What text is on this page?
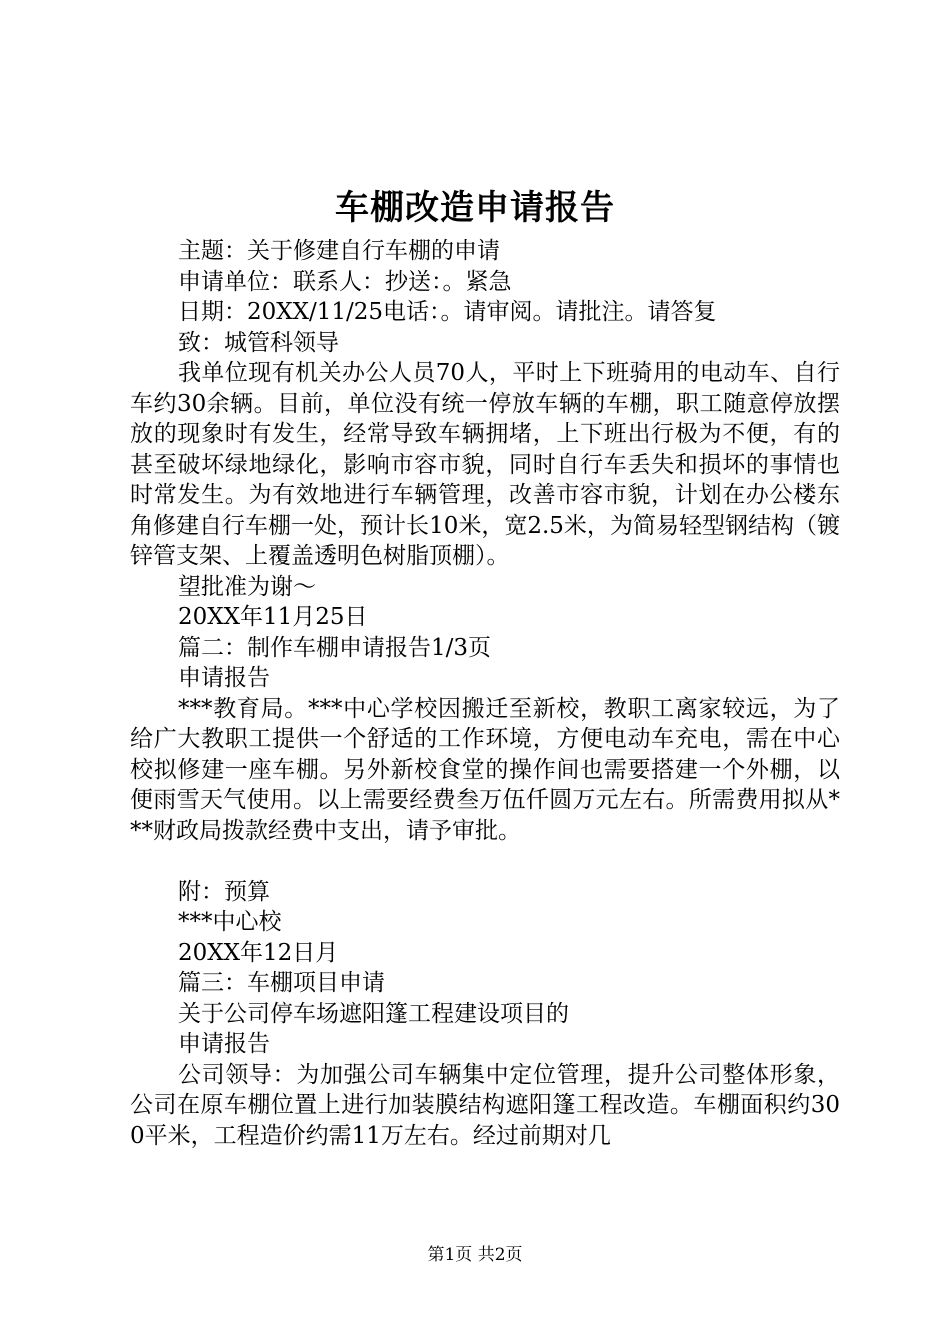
车棚改造申请报告

主题：关于修建自行车棚的申请

申请单位：联系人：抄送：。紧急

日期：20XX/11/25电话：。请审阅。请批注。请答复

致：城管科领导

我单位现有机关办公人员70人，平时上下班骑用的电动车、自行车约30余辆。目前，单位没有统一停放车辆的车棚，职工随意停放摆放的现象时有发生，经常导致车辆拥堵，上下班出行极为不便，有的甚至破坏绿地绿化，影响市容市貌，同时自行车丢失和损坏的事情也时常发生。为有效地进行车辆管理，改善市容市貌，计划在办公楼东角修建自行车棚一处，预计长10米，宽2.5米，为简易轻型钢结构（镀锌管支架、上覆盖透明色树脂顶棚）。

望批准为谢～

20XX年11月25日

篇二：制作车棚申请报告1/3页

申请报告

***教育局。***中心学校因搬迁至新校，教职工离家较远，为了给广大教职工提供一个舒适的工作环境，方便电动车充电，需在中心校拟修建一座车棚。另外新校食堂的操作间也需要搭建一个外棚，以便雨雪天气使用。以上需要经费叁万伍仟圆万元左右。所需费用拟从***财政局拨款经费中支出，请予审批。

附：预算

***中心校

20XX年12日月

篇三：车棚项目申请

关于公司停车场遮阳篷工程建设项目的

申请报告

公司领导：为加强公司车辆集中定位管理，提升公司整体形象，公司在原车棚位置上进行加装膜结构遮阳篷工程改造。车棚面积约300平米，工程造价约需11万左右。经过前期对几

第1页 共2页
